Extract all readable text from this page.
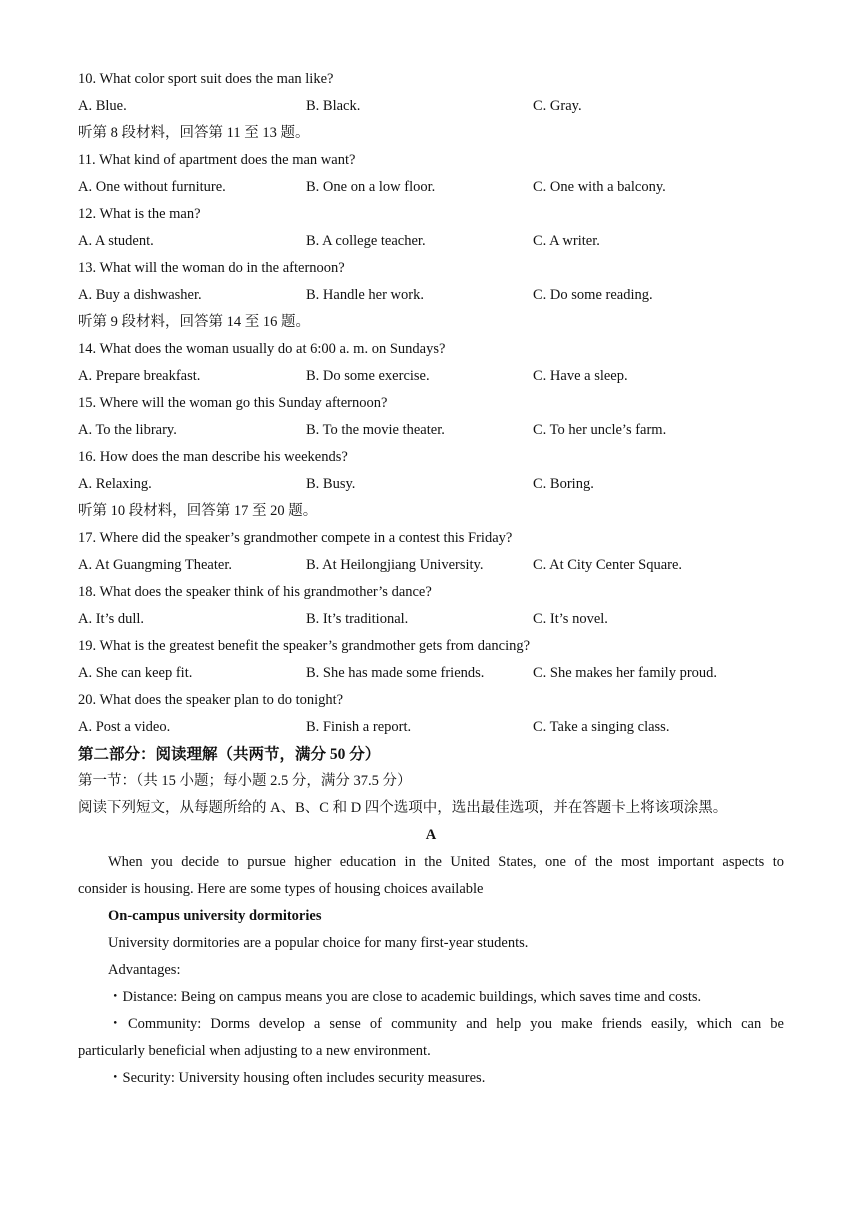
10. What color sport suit does the man like?
A. Blue.	B. Black.	C. Gray.
听第 8 段材料，回答第 11 至 13 题。
11. What kind of apartment does the man want?
A. One without furniture.	B. One on a low floor.	C. One with a balcony.
12. What is the man?
A. A student.	B. A college teacher.	C. A writer.
13. What will the woman do in the afternoon?
A. Buy a dishwasher.	B. Handle her work.	C. Do some reading.
听第 9 段材料，回答第 14 至 16 题。
14. What does the woman usually do at 6:00 a. m. on Sundays?
A. Prepare breakfast.	B. Do some exercise.	C. Have a sleep.
15. Where will the woman go this Sunday afternoon?
A. To the library.	B. To the movie theater.	C. To her uncle’s farm.
16. How does the man describe his weekends?
A. Relaxing.	B. Busy.	C. Boring.
听第 10 段材料，回答第 17 至 20 题。
17. Where did the speaker’s grandmother compete in a contest this Friday?
A. At Guangming Theater.	B. At Heilongjiang University.	C. At City Center Square.
18. What does the speaker think of his grandmother’s dance?
A. It’s dull.	B. It’s traditional.	C. It’s novel.
19. What is the greatest benefit the speaker’s grandmother gets from dancing?
A. She can keep fit.	B. She has made some friends.	C. She makes her family proud.
20. What does the speaker plan to do tonight?
A. Post a video.	B. Finish a report.	C. Take a singing class.
第二部分：阅读理解（共两节，满分 50 分）
第一节：（共 15 小题；每小题 2.5 分，满分 37.5 分）
阅读下列短文，从每题所给的 A、B、C 和 D 四个选项中，选出最佳选项，并在答题卡上将该项涂黑。
A
When you decide to pursue higher education in the United States, one of the most important aspects to
consider is housing. Here are some types of housing choices available
On-campus university dormitories
University dormitories are a popular choice for many first-year students.
Advantages:
・Distance: Being on campus means you are close to academic buildings, which saves time and costs.
・Community: Dorms develop a sense of community and help you make friends easily, which can be
particularly beneficial when adjusting to a new environment.
・Security: University housing often includes security measures.
